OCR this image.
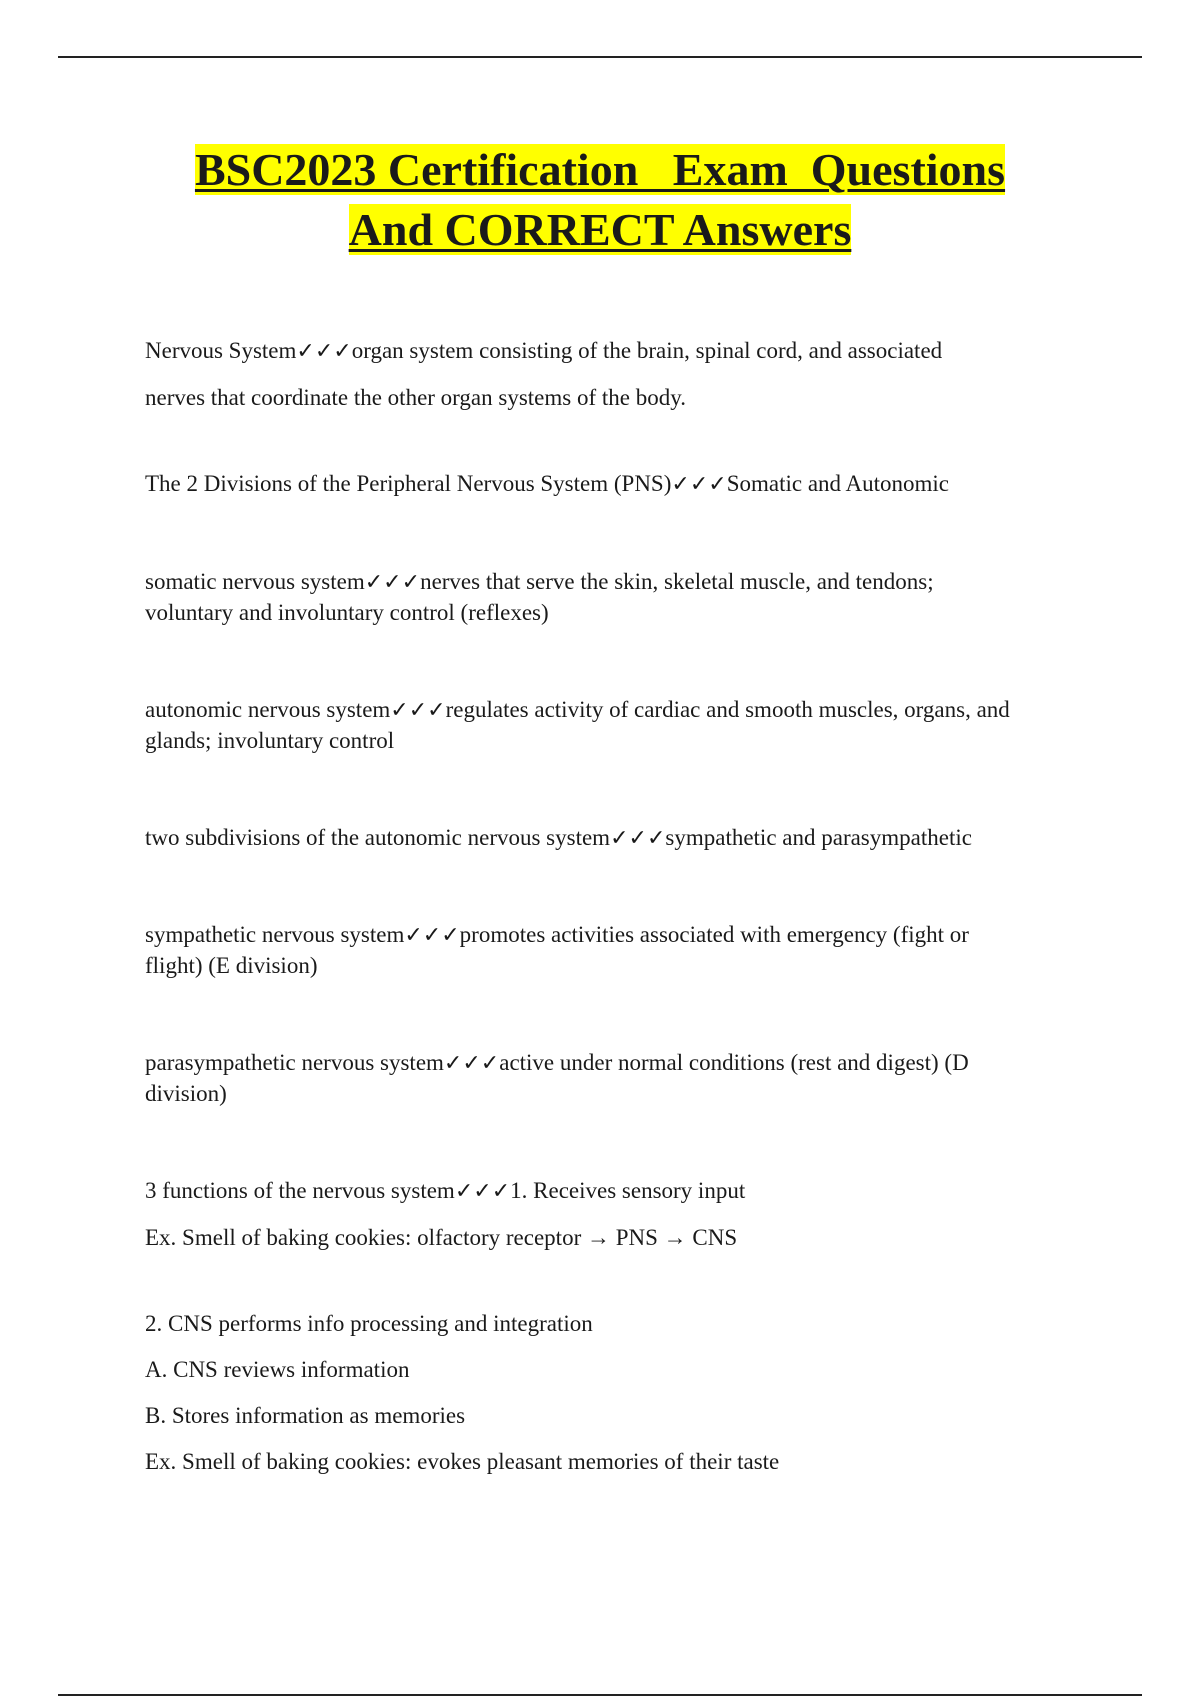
BSC2023 Certification   Exam  Questions
And CORRECT Answers
Nervous System✓✓✓organ system consisting of the brain, spinal cord, and associated
nerves that coordinate the other organ systems of the body.
The 2 Divisions of the Peripheral Nervous System (PNS)✓✓✓Somatic and Autonomic
somatic nervous system✓✓✓nerves that serve the skin, skeletal muscle, and tendons;
voluntary and involuntary control (reflexes)
autonomic nervous system✓✓✓regulates activity of cardiac and smooth muscles, organs, and
glands; involuntary control
two subdivisions of the autonomic nervous system✓✓✓sympathetic and parasympathetic
sympathetic nervous system✓✓✓promotes activities associated with emergency (fight or
flight) (E division)
parasympathetic nervous system✓✓✓active under normal conditions (rest and digest) (D
division)
3 functions of the nervous system✓✓✓1. Receives sensory input
Ex. Smell of baking cookies: olfactory receptor → PNS → CNS
2. CNS performs info processing and integration
A. CNS reviews information
B. Stores information as memories
Ex. Smell of baking cookies: evokes pleasant memories of their taste
